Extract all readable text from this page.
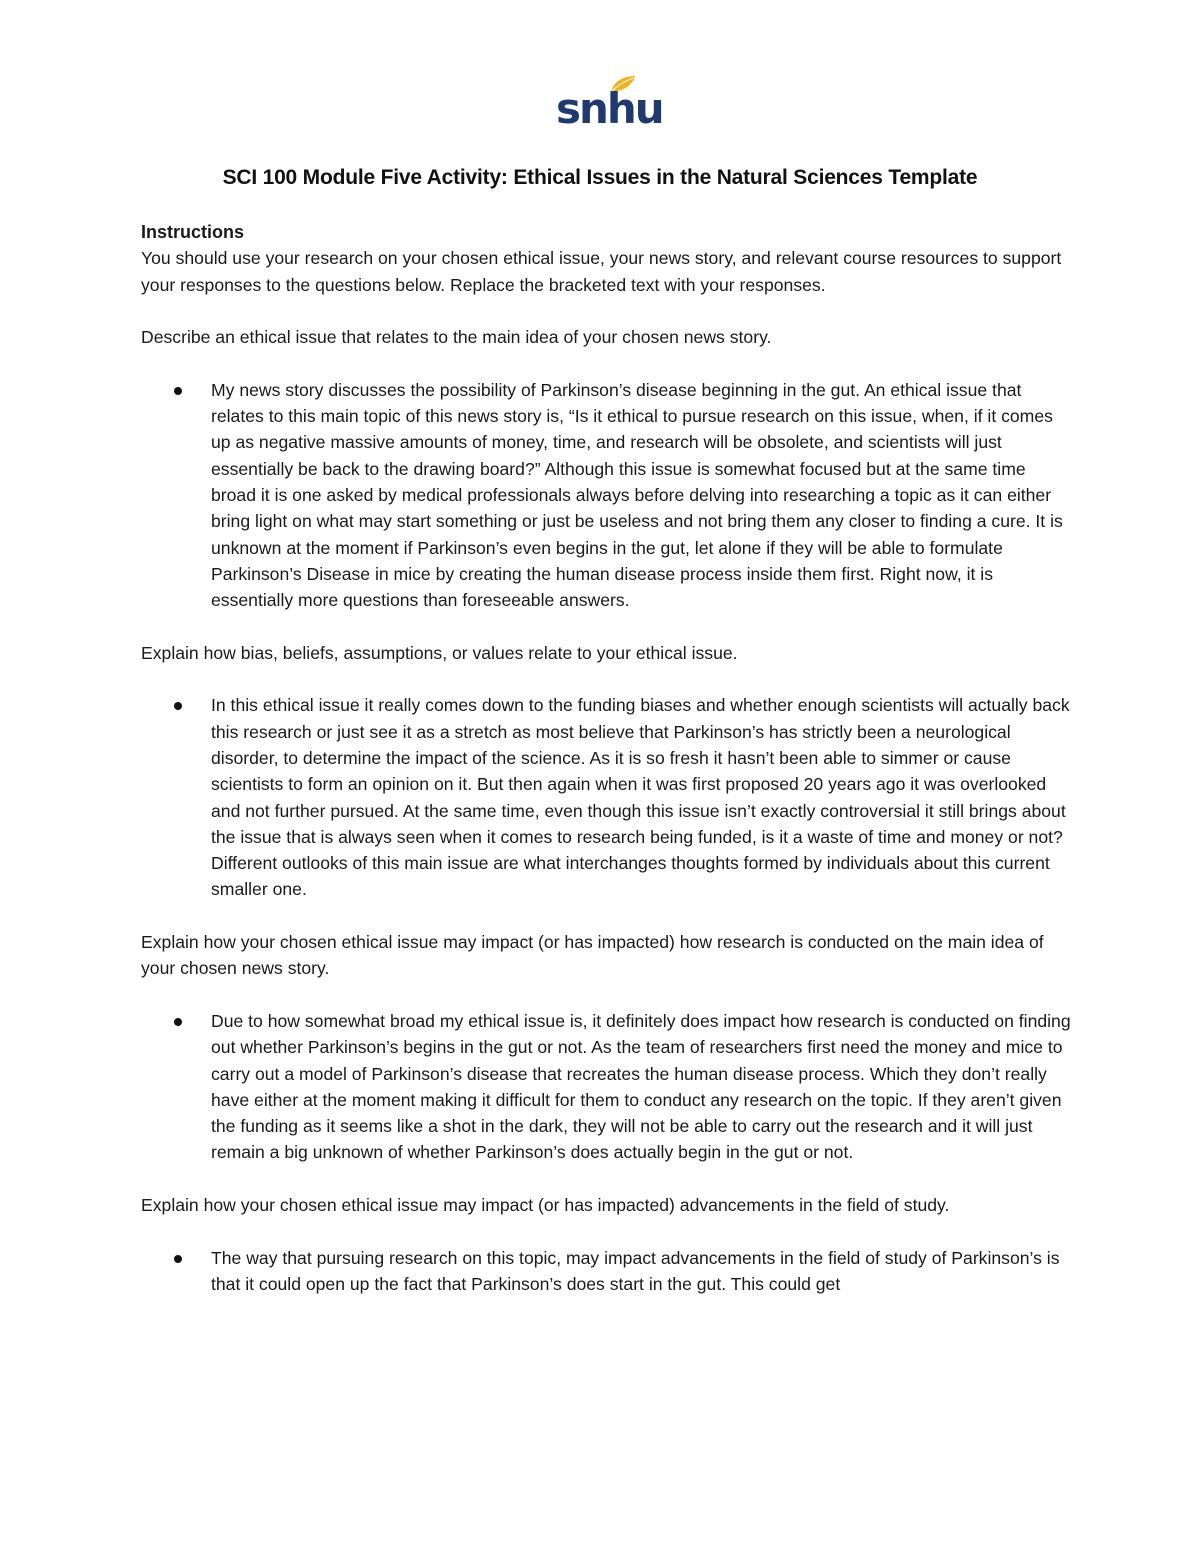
snhu
SCI 100 Module Five Activity: Ethical Issues in the Natural Sciences Template

Instructions

You should use your research on your chosen ethical issue, your news story, and relevant course resources to support your responses to the questions below. Replace the bracketed text with your responses.

Describe an ethical issue that relates to the main idea of your chosen news story.

My news story discusses the possibility of Parkinson’s disease beginning in the gut. An ethical issue that relates to this main topic of this news story is, “Is it ethical to pursue research on this issue, when, if it comes up as negative massive amounts of money, time, and research will be obsolete, and scientists will just essentially be back to the drawing board?” Although this issue is somewhat focused but at the same time broad it is one asked by medical professionals always before delving into researching a topic as it can either bring light on what may start something or just be useless and not bring them any closer to finding a cure. It is unknown at the moment if Parkinson’s even begins in the gut, let alone if they will be able to formulate Parkinson’s Disease in mice by creating the human disease process inside them first. Right now, it is essentially more questions than foreseeable answers.

Explain how bias, beliefs, assumptions, or values relate to your ethical issue.

In this ethical issue it really comes down to the funding biases and whether enough scientists will actually back this research or just see it as a stretch as most believe that Parkinson’s has strictly been a neurological disorder, to determine the impact of the science. As it is so fresh it hasn’t been able to simmer or cause scientists to form an opinion on it. But then again when it was first proposed 20 years ago it was overlooked and not further pursued. At the same time, even though this issue isn’t exactly controversial it still brings about the issue that is always seen when it comes to research being funded, is it a waste of time and money or not? Different outlooks of this main issue are what interchanges thoughts formed by individuals about this current smaller one.

Explain how your chosen ethical issue may impact (or has impacted) how research is conducted on the main idea of your chosen news story.

Due to how somewhat broad my ethical issue is, it definitely does impact how research is conducted on finding out whether Parkinson’s begins in the gut or not. As the team of researchers first need the money and mice to carry out a model of Parkinson’s disease that recreates the human disease process. Which they don’t really have either at the moment making it difficult for them to conduct any research on the topic. If they aren’t given the funding as it seems like a shot in the dark, they will not be able to carry out the research and it will just remain a big unknown of whether Parkinson’s does actually begin in the gut or not.

Explain how your chosen ethical issue may impact (or has impacted) advancements in the field of study.

The way that pursuing research on this topic, may impact advancements in the field of study of Parkinson’s is that it could open up the fact that Parkinson’s does start in the gut. This could get
